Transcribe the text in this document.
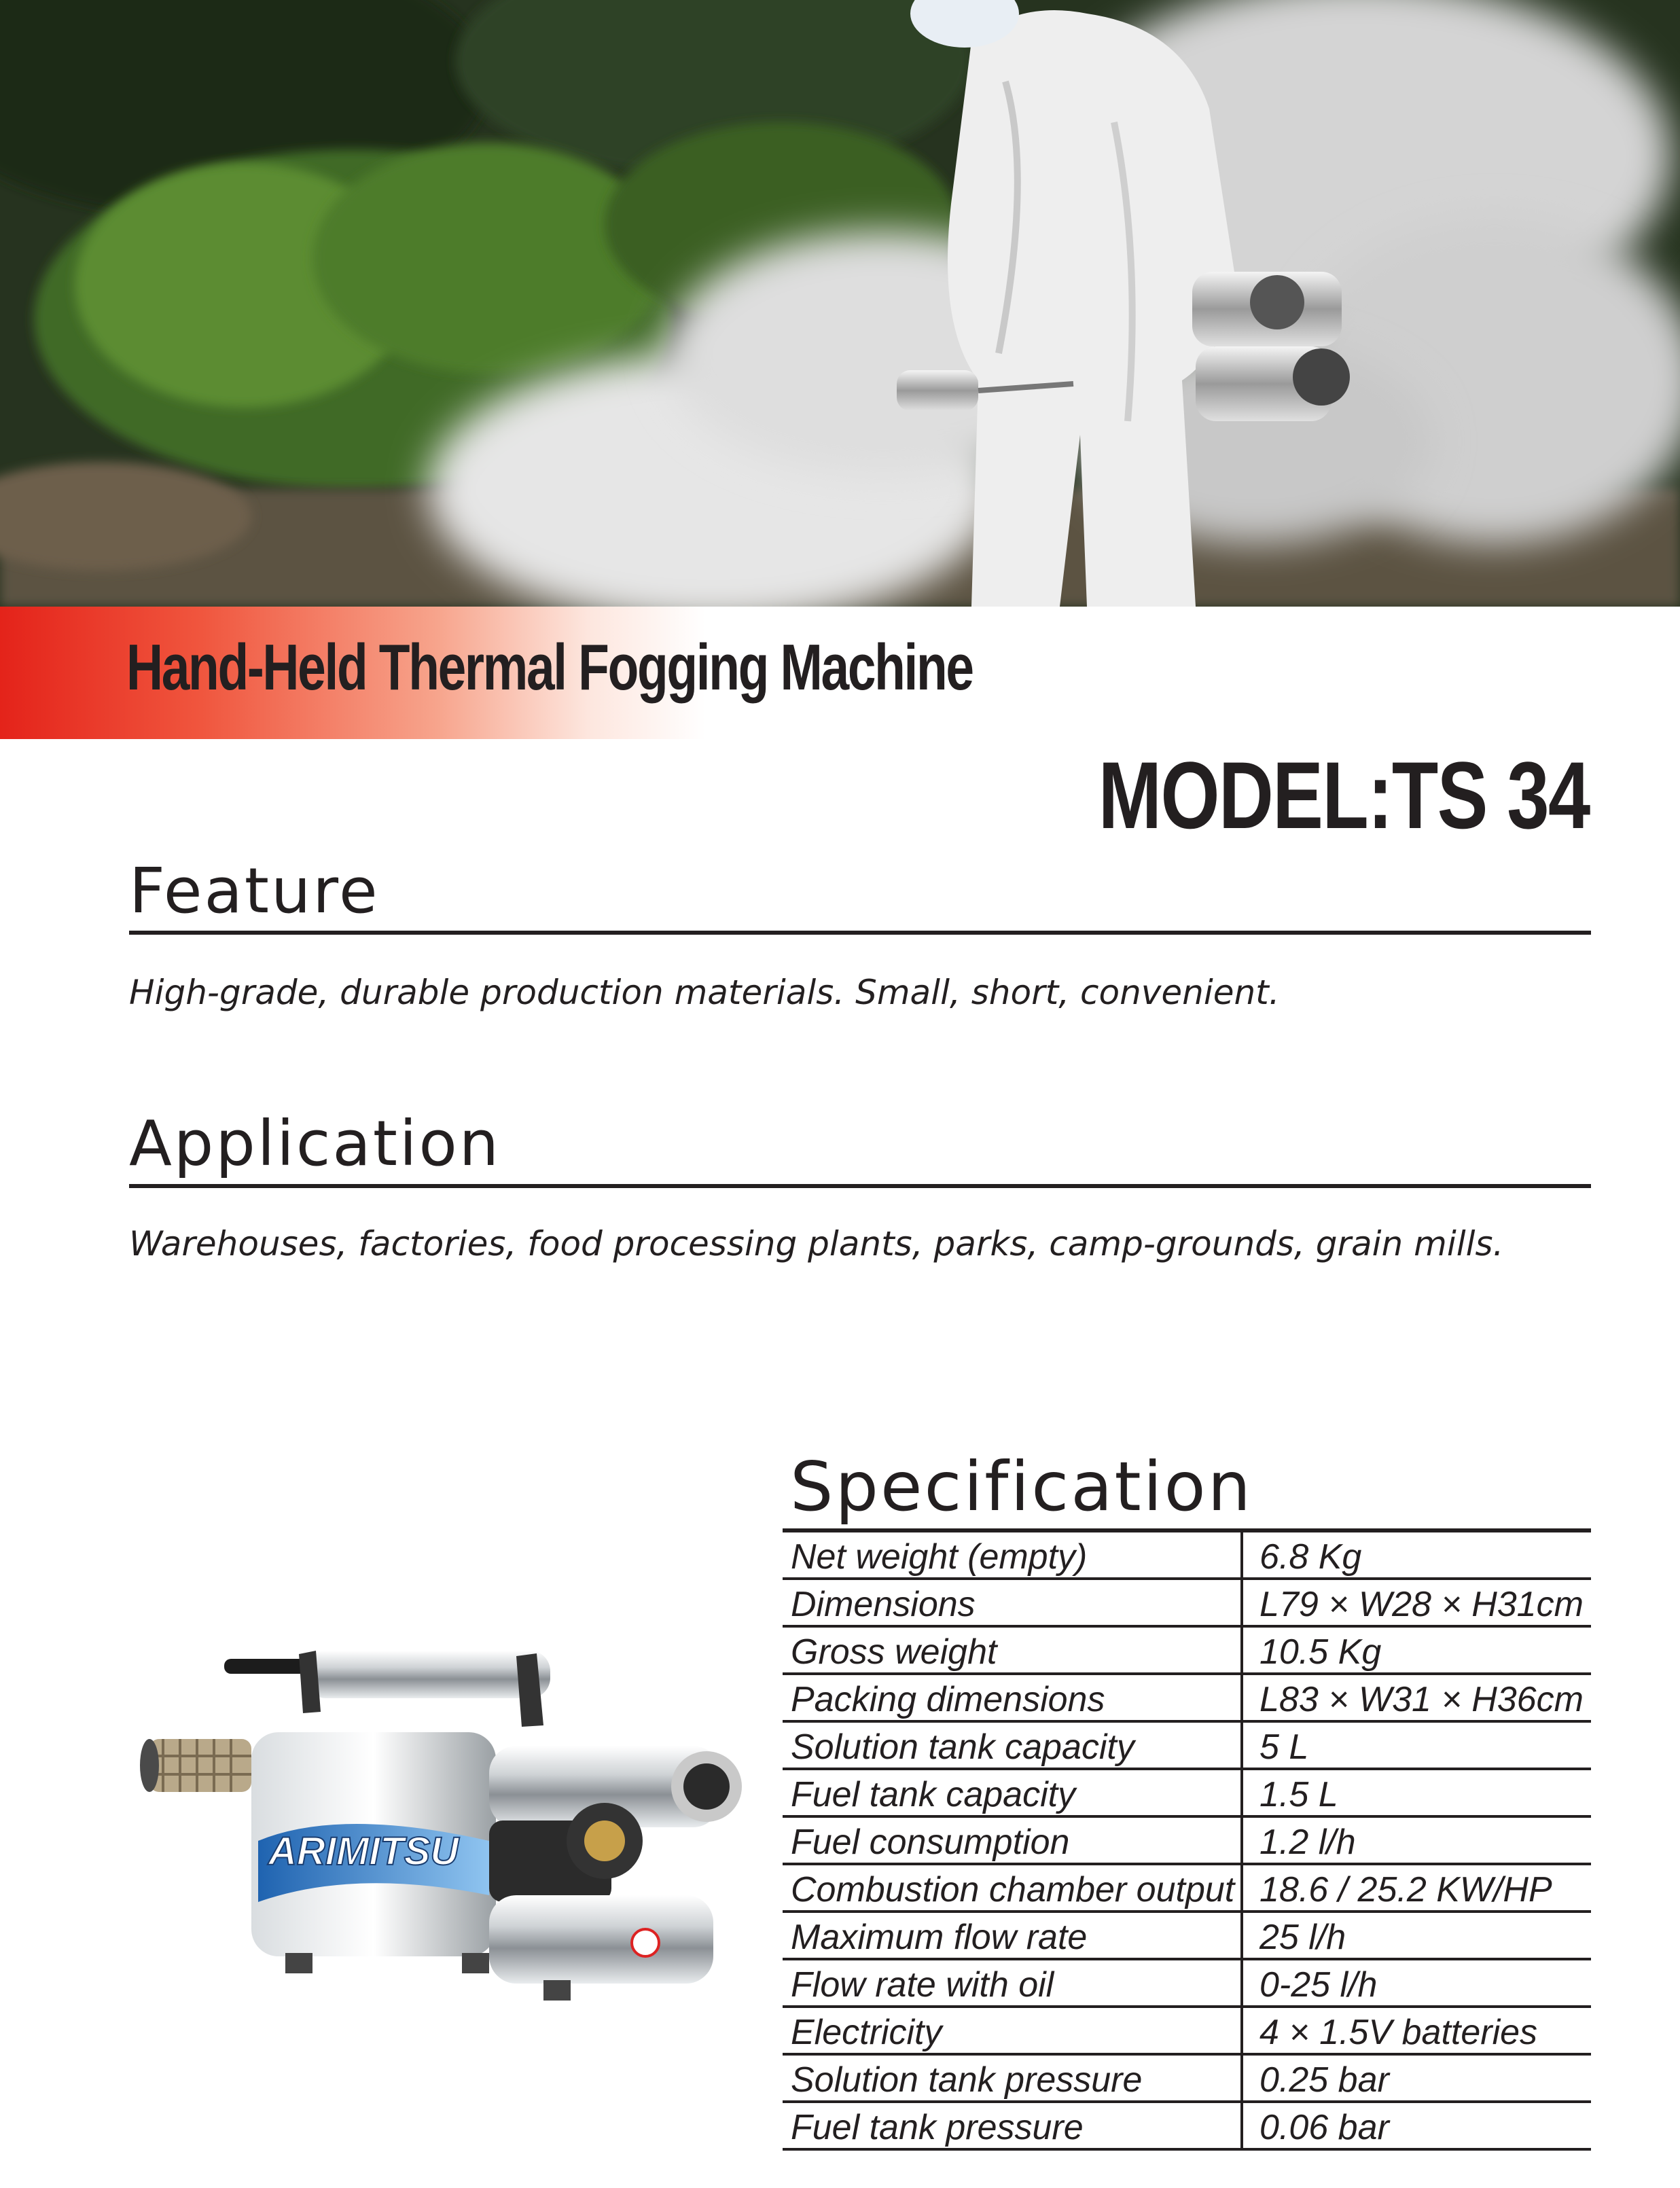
Hand-Held Thermal Fogging Machine
MODEL:TS 34
Feature

High-grade, durable production materials. Small, short, convenient.

Application

Warehouses, factories, food processing plants, parks, camp-grounds, grain mills.

ARIMITSU
Specification
Net weight (empty)	6.8 Kg
Dimensions	L79 × W28 × H31cm
Gross weight	10.5 Kg
Packing dimensions	L83 × W31 × H36cm
Solution tank capacity	5 L
Fuel tank capacity	1.5 L
Fuel consumption	1.2 l/h
Combustion chamber output	18.6 / 25.2 KW/HP
Maximum flow rate	25 l/h
Flow rate with oil	0-25 l/h
Electricity	4 × 1.5V batteries
Solution tank pressure	0.25 bar
Fuel tank pressure	0.06 bar
